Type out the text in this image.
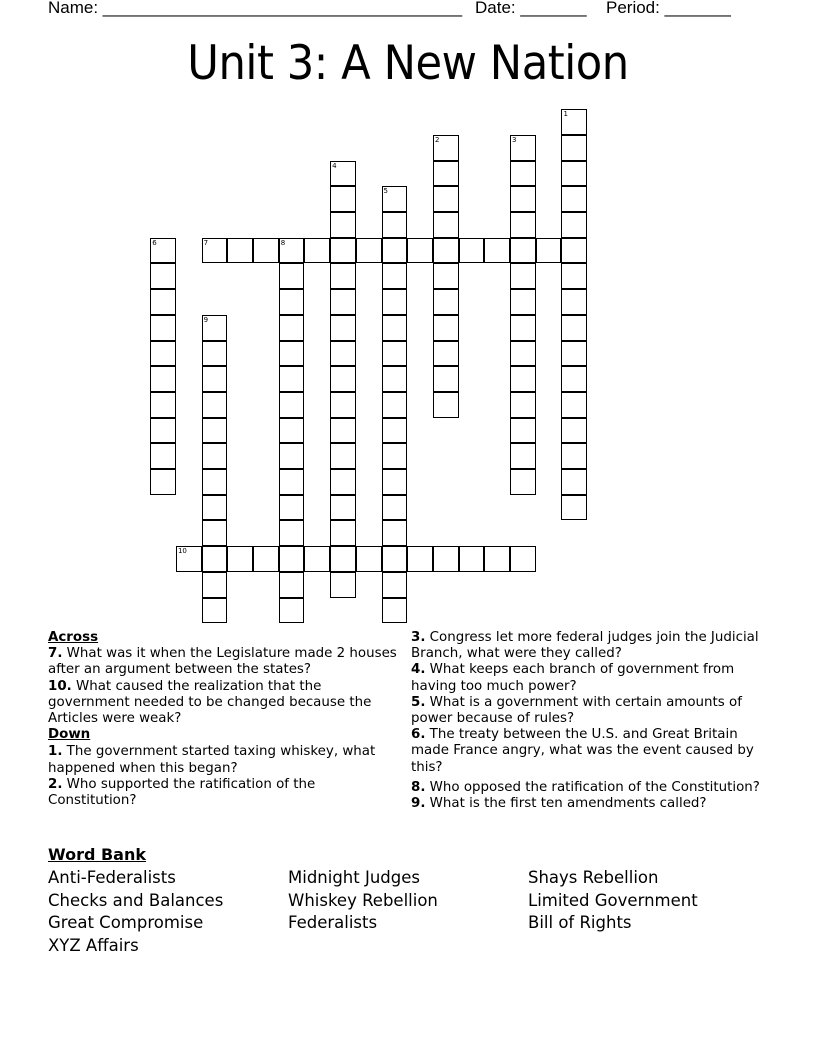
Name: ______________________________________ Date: _______ Period: _______
Unit 3: A New Nation
1
2	3
4
5
6	7	8
9
10
Across

7. What was it when the Legislature made 2 houses after an argument between the states?

10. What caused the realization that the government needed to be changed because the Articles were weak?

Down

1. The government started taxing whiskey, what happened when this began?

2. Who supported the ratification of the Constitution?

3. Congress let more federal judges join the Judicial Branch, what were they called?

4. What keeps each branch of government from having too much power?

5. What is a government with certain amounts of power because of rules?

6. The treaty between the U.S. and Great Britain made France angry, what was the event caused by this?

8. Who opposed the ratification of the Constitution?

9. What is the first ten amendments called?

Word Bank
Anti-Federalists
Checks and Balances
Great Compromise
XYZ Affairs
Midnight Judges
Whiskey Rebellion
Federalists
Shays Rebellion
Limited Government
Bill of Rights
